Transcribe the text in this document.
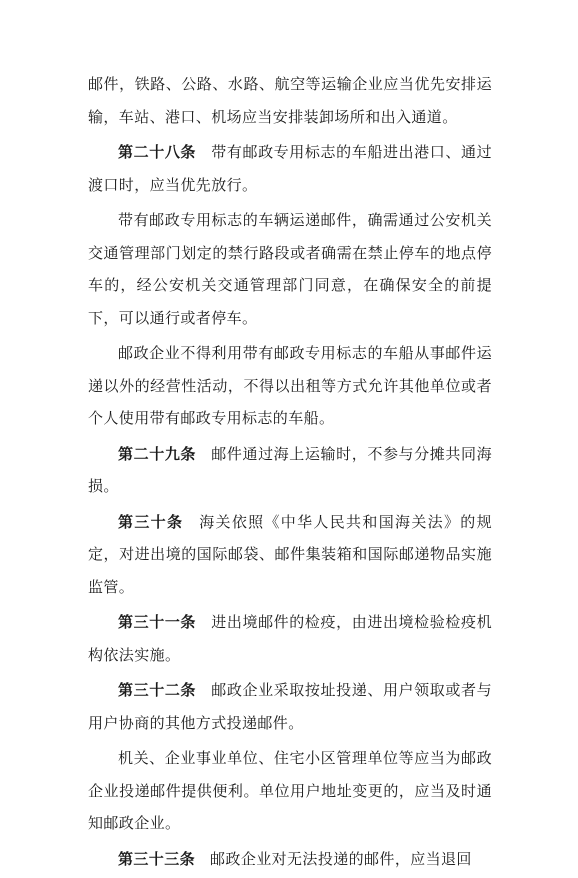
邮件，铁路、公路、水路、航空等运输企业应当优先安排运输，车站、港口、机场应当安排装卸场所和出入通道。

第二十八条 带有邮政专用标志的车船进出港口、通过渡口时，应当优先放行。

带有邮政专用标志的车辆运递邮件，确需通过公安机关交通管理部门划定的禁行路段或者确需在禁止停车的地点停车的，经公安机关交通管理部门同意，在确保安全的前提下，可以通行或者停车。

邮政企业不得利用带有邮政专用标志的车船从事邮件运递以外的经营性活动，不得以出租等方式允许其他单位或者个人使用带有邮政专用标志的车船。

第二十九条 邮件通过海上运输时，不参与分摊共同海损。

第三十条 海关依照《中华人民共和国海关法》的规定，对进出境的国际邮袋、邮件集装箱和国际邮递物品实施监管。

第三十一条 进出境邮件的检疫，由进出境检验检疫机构依法实施。

第三十二条 邮政企业采取按址投递、用户领取或者与用户协商的其他方式投递邮件。

机关、企业事业单位、住宅小区管理单位等应当为邮政企业投递邮件提供便利。单位用户地址变更的，应当及时通知邮政企业。

第三十三条 邮政企业对无法投递的邮件，应当退回
